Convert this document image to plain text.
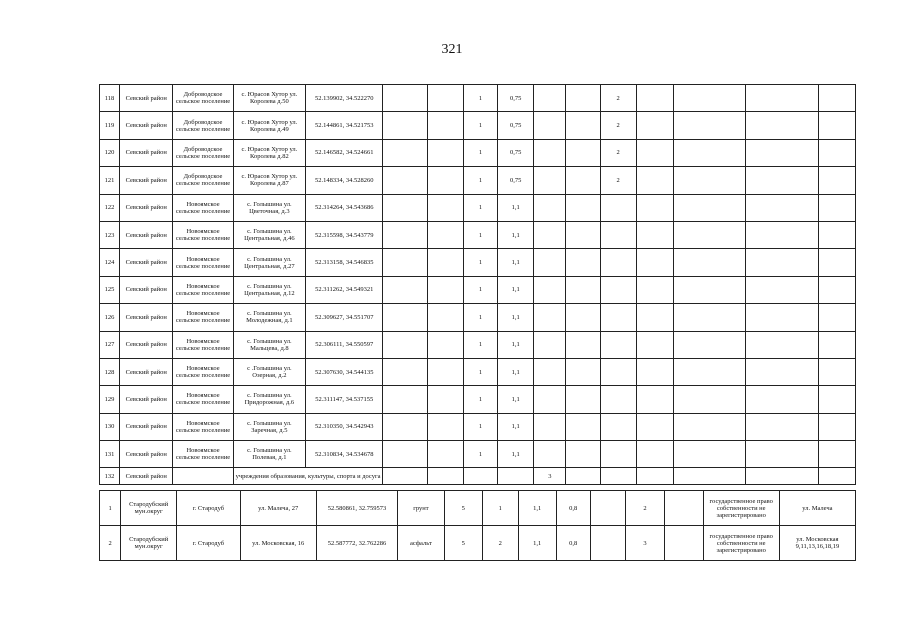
321
118	Севский район	Доброводское сельское поселение	с. Юрасов Хутор ул. Королева д.50	52.139902, 34.522270			1	0,75			2				
119	Севский район	Доброводское сельское поселение	с. Юрасов Хутор ул. Королева д.49	52.144861, 34.521753			1	0,75			2				
120	Севский район	Доброводское сельское поселение	с. Юрасов Хутор ул. Королева д.82	52.146582, 34.524661			1	0,75			2				
121	Севский район	Доброводское сельское поселение	с. Юрасов Хутор ул. Королева д.87	52.148334, 34.528260			1	0,75			2				
122	Севский район	Новоямское сельское поселение	с. Голышина ул. Цветочная, д.3	52.314264, 34.543686			1	1,1							
123	Севский район	Новоямское сельское поселение	с. Голышина ул. Центральная, д.46	52.315598, 34.543779			1	1,1							
124	Севский район	Новоямское сельское поселение	с. Голышина ул. Центральная, д.27	52.313158, 34.546835			1	1,1							
125	Севский район	Новоямское сельское поселение	с. Голышина ул. Центральная, д.12	52.311262, 34.549321			1	1,1							
126	Севский район	Новоямское сельское поселение	с. Голышина ул. Молодежная, д.1	52.309627, 34.551707			1	1,1							
127	Севский район	Новоямское сельское поселение	с. Голышина ул. Мальцева, д.8	52.306111, 34.550597			1	1,1							
128	Севский район	Новоямское сельское поселение	с .Голышина ул. Озерная, д.2	52.307630, 34.544135			1	1,1							
129	Севский район	Новоямское сельское поселение	с. Голышина ул. Придорожная, д.6	52.311147, 34.537155			1	1,1							
130	Севский район	Новоямское сельское поселение	с. Голышина ул. Заречная, д.5	52.310350, 34.542943			1	1,1							
131	Севский район	Новоямское сельское поселение	с. Голышина ул. Полевая, д.1	52.310834, 34.534678			1	1,1							
132	Севский район		учреждения образования, культуры, спорта и досуга						3						
1	Стародубский мун.округ	г. Стародуб	ул. Малеча, 27	52.580861, 32.759573	грунт	5	1	1,1	0,8		2		государственное право собственности не зарегистрировано	ул. Малеча
2	Стародубский мун.округ	г. Стародуб	ул. Московская, 16	52.587772, 32.762286	асфальт	5	2	1,1	0,8		3		государственное право собственности не зарегистрировано	ул. Московская 9,11,13,16,18,19
